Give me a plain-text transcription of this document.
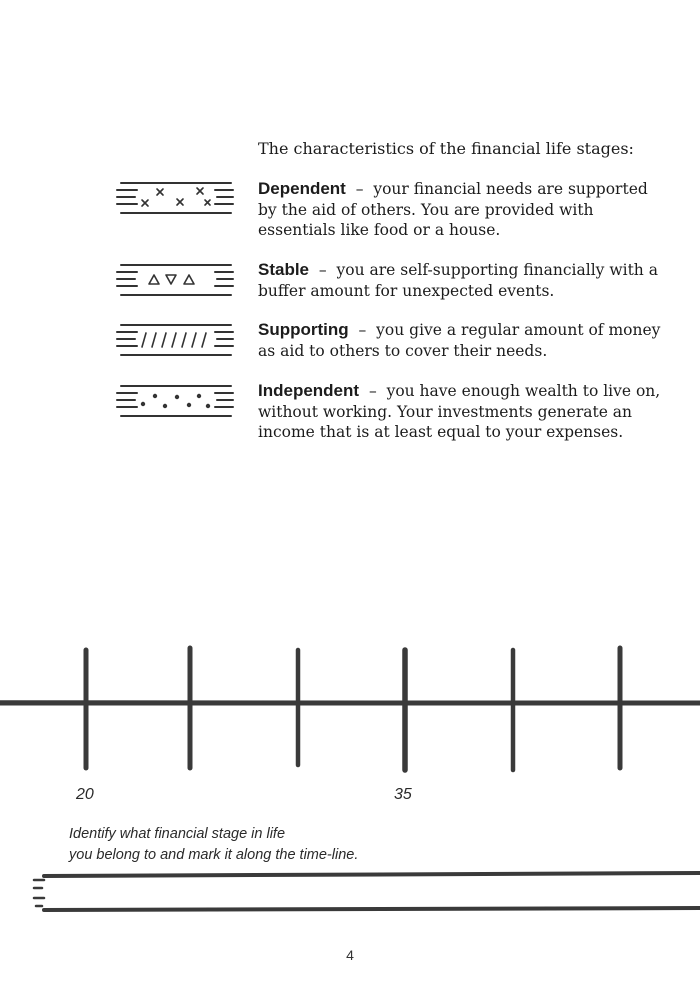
The characteristics of the financial life stages:
Dependent – your financial needs are supported by the aid of others. You are provided with essentials like food or a house.
Stable – you are self-supporting financially with a buffer amount for unexpected events.
Supporting – you give a regular amount of money as aid to others to cover their needs.
Independent – you have enough wealth to live on, without working. Your investments generate an income that is at least equal to your expenses.
20	35
Identify what financial stage in life
you belong to and mark it along the time-line.
4
